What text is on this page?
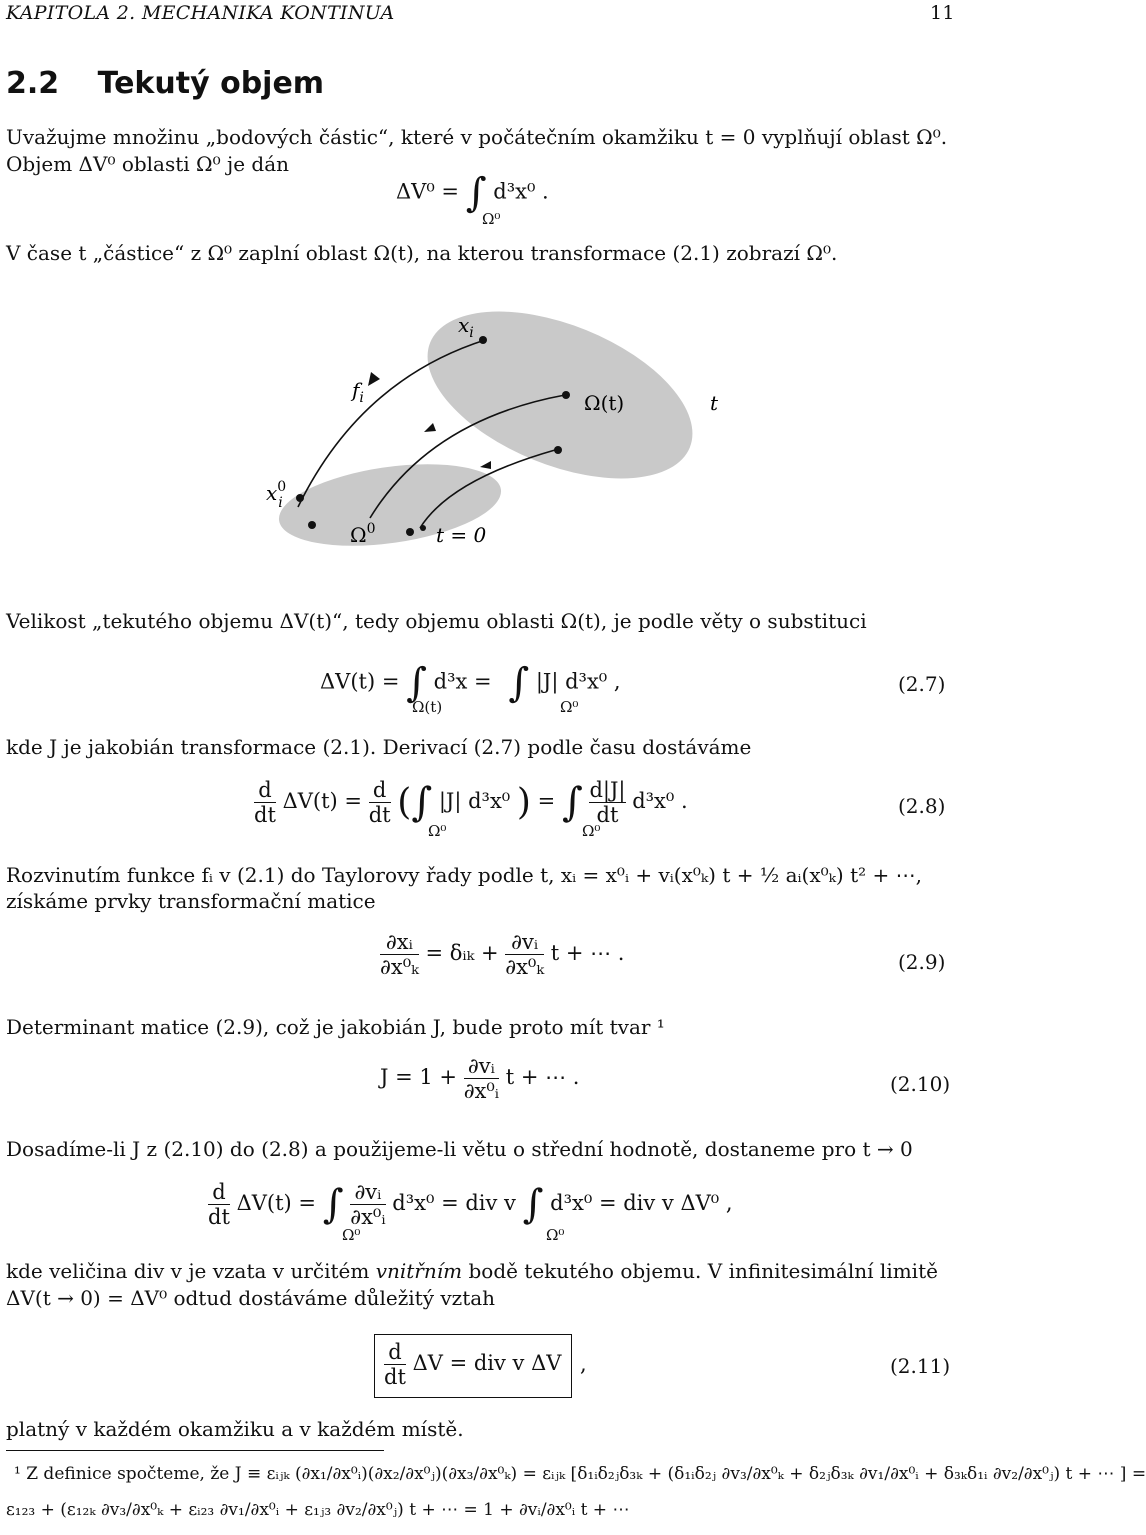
KAPITOLA 2. MECHANIKA KONTINUA	11
2.2 Tekutý objem
Uvažujme množinu „bodových částic“, které v počátečním okamžiku t = 0 vyplňují oblast Ω⁰.
Objem ΔV⁰ oblasti Ω⁰ je dán
ΔV⁰ = ∫ d³x⁰ .
Ω⁰
V čase t „částice“ z Ω⁰ zaplní oblast Ω(t), na kterou transformace (2.1) zobrazí Ω⁰.
$x_i$
$f_i$	Ω(t)	t
$x^0$ i
$\Omega^0$	t = 0
Velikost „tekutého objemu ΔV(t)“, tedy objemu oblasti Ω(t), je podle věty o substituci
ΔV(t) = ∫ d³x = ∫ |J| d³x⁰ ,
Ω(t)	Ω⁰
(2.7)
kde J je jakobián transformace (2.1). Derivací (2.7) podle času dostáváme
$\frac{d}{dt} \Delta V(t) = \frac{d}{dt}$ (∫ |J| d³x⁰ ) = ∫ $\frac{d|J|}{dt} d^3x^0$ .
Ω⁰	Ω⁰
(2.8)
Rozvinutím funkce fᵢ v (2.1) do Taylorovy řady podle t, xᵢ = x⁰ᵢ + vᵢ(x⁰ₖ) t + ½ aᵢ(x⁰ₖ) t² + ⋯,
získáme prvky transformační matice
$\frac{\text{∂xᵢ}}{\text{∂x⁰ₖ}}$ = δᵢₖ + $\frac{\text{∂vᵢ}}{\text{∂x⁰ₖ}}$ t + ⋯ .	(2.9)
Determinant matice (2.9), což je jakobián J, bude proto mít tvar ¹
$J = 1 + \frac{\text{∂vᵢ}}{\text{∂x⁰ᵢ}}$ t + ⋯ .	(2.10)
Dosadíme-li J z (2.10) do (2.8) a použijeme-li větu o střední hodnotě, dostaneme pro t → 0
$\frac{d}{dt} \Delta V(t)$ = ∫ $\frac{\text{∂vᵢ}}{\text{∂x⁰ᵢ}} d^3x^0$ = div v ∫ d³x⁰ = div v ΔV⁰ ,
Ω⁰	Ω⁰
kde veličina div v je vzata v určitém vnitřním bodě tekutého objemu. V infinitesimální limitě
ΔV(t → 0) = ΔV⁰ odtud dostáváme důležitý vztah
$\frac{d}{dt}$ ΔV = div v ΔV ,	(2.11)
platný v každém okamžiku a v každém místě.
¹ Z definice spočteme, že J ≡ εᵢⱼₖ (∂x₁/∂x⁰ᵢ)(∂x₂/∂x⁰ⱼ)(∂x₃/∂x⁰ₖ) = εᵢⱼₖ [δ₁ᵢδ₂ⱼδ₃ₖ + (δ₁ᵢδ₂ⱼ ∂v₃/∂x⁰ₖ + δ₂ⱼδ₃ₖ ∂v₁/∂x⁰ᵢ + δ₃ₖδ₁ᵢ ∂v₂/∂x⁰ⱼ) t + ⋯ ] =
ε₁₂₃ + (ε₁₂ₖ ∂v₃/∂x⁰ₖ + εᵢ₂₃ ∂v₁/∂x⁰ᵢ + ε₁ⱼ₃ ∂v₂/∂x⁰ⱼ) t + ⋯ = 1 + ∂vᵢ/∂x⁰ᵢ t + ⋯
